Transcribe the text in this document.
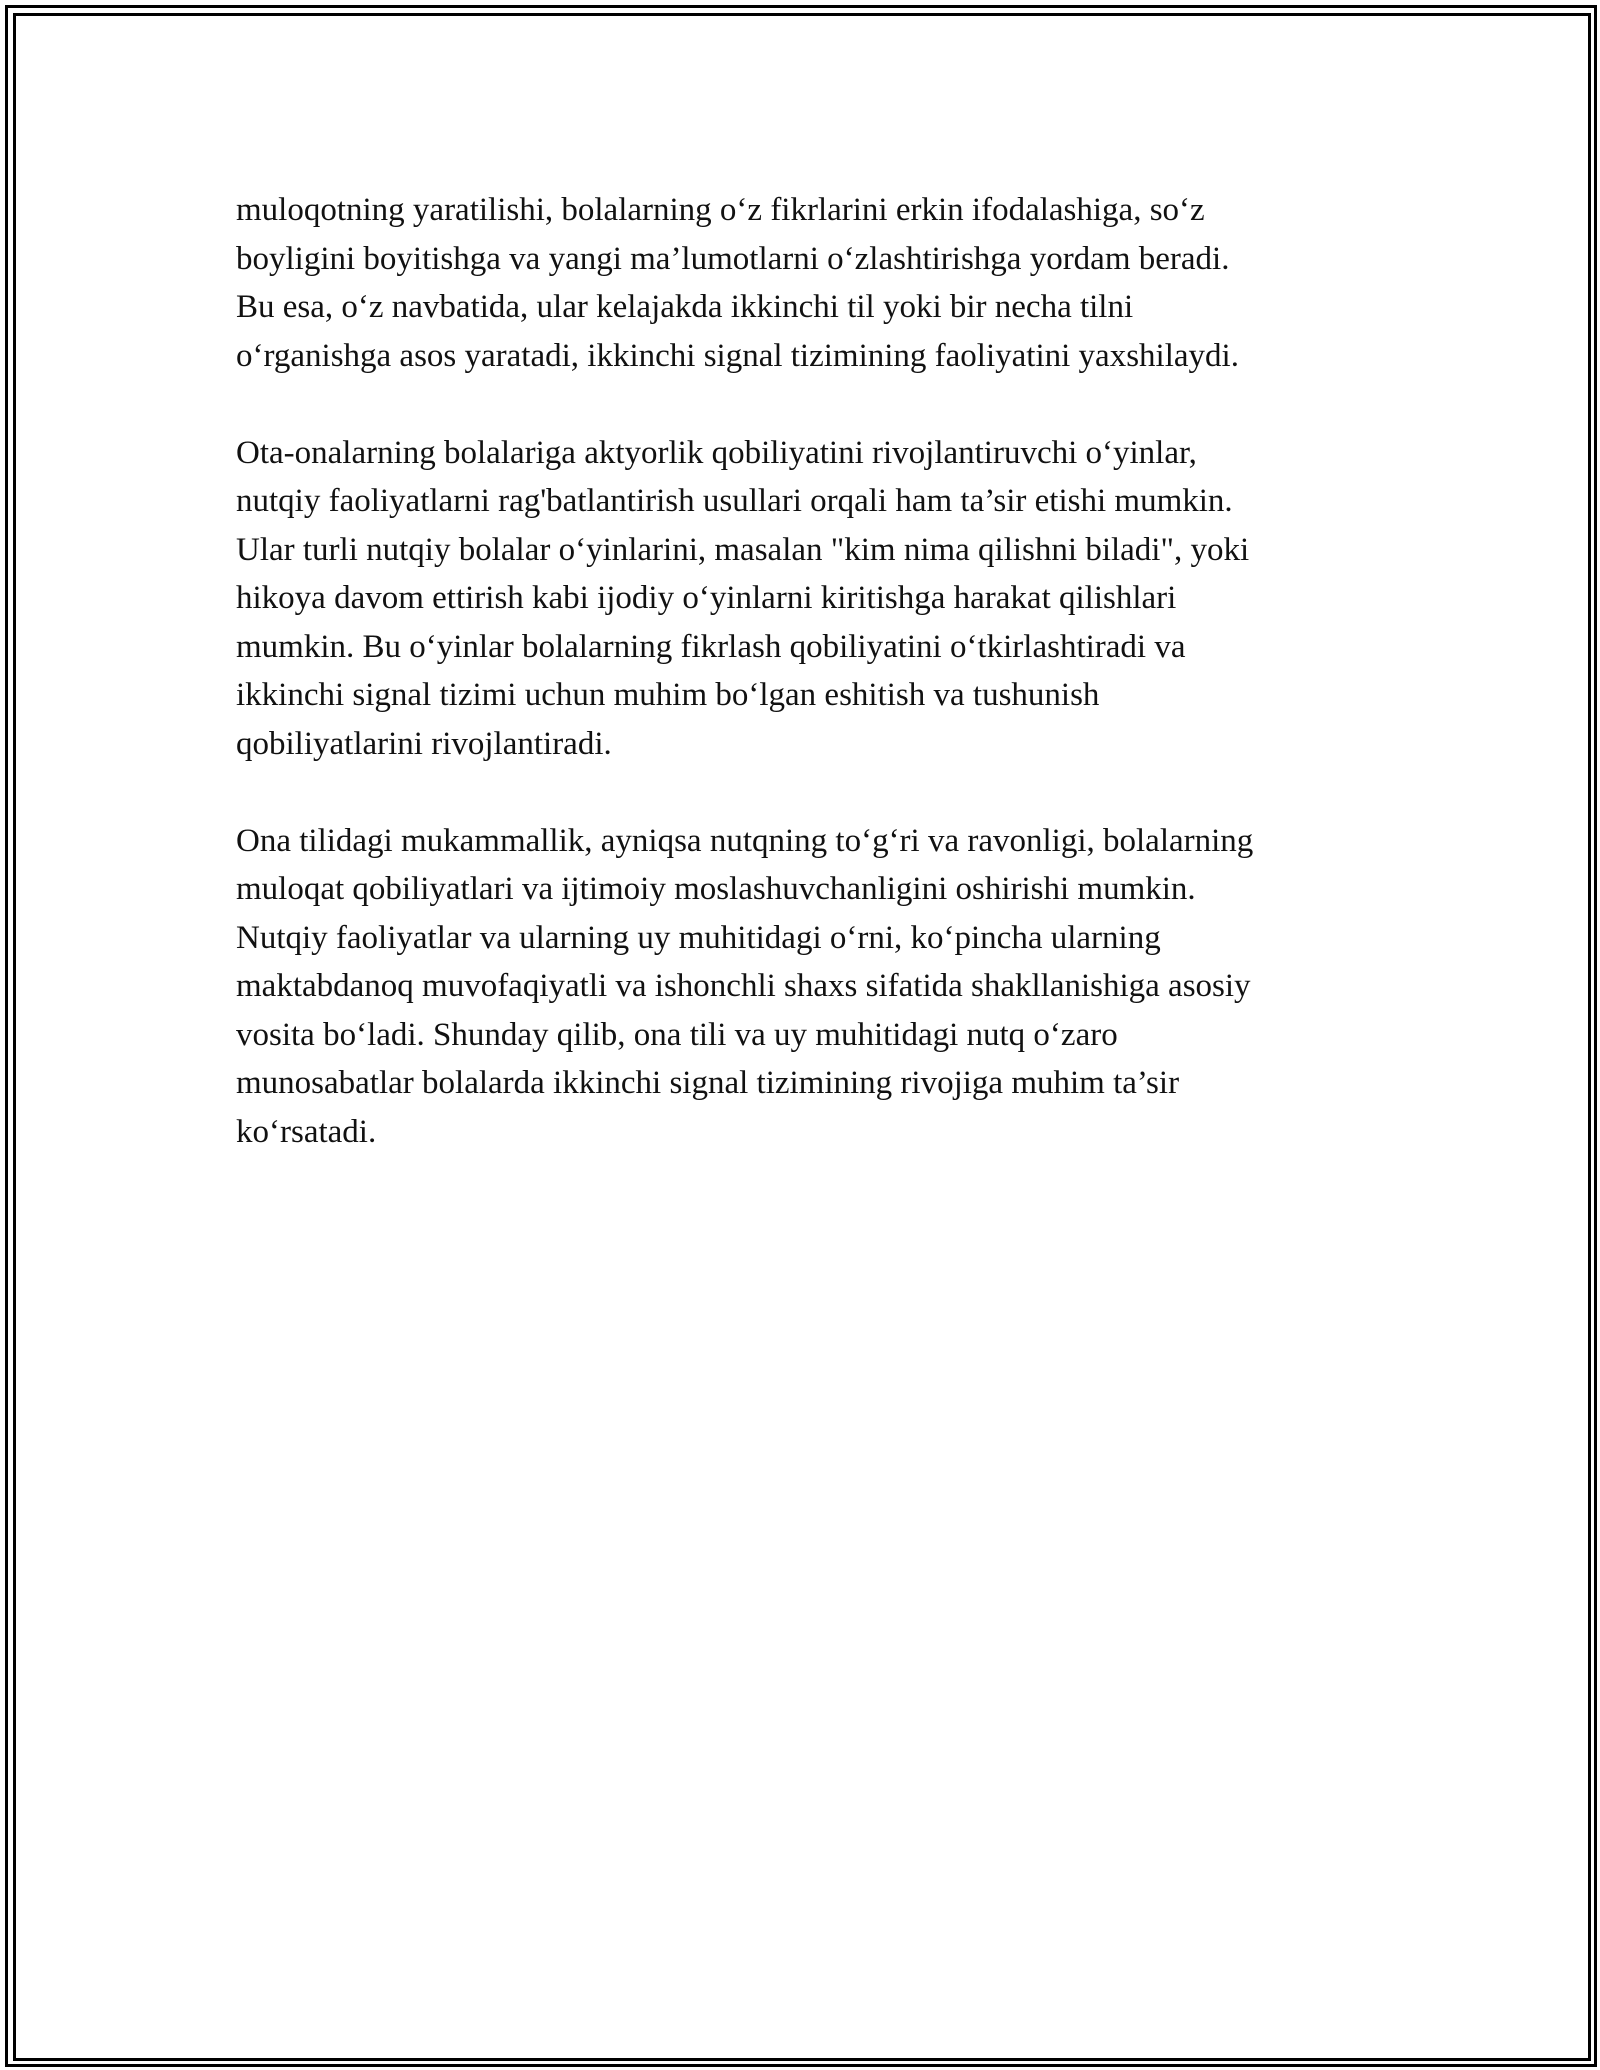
muloqotning yaratilishi, bolalarning o‘z fikrlarini erkin ifodalashiga, so‘z
boyligini boyitishga va yangi ma’lumotlarni o‘zlashtirishga yordam beradi.
Bu esa, o‘z navbatida, ular kelajakda ikkinchi til yoki bir necha tilni
o‘rganishga asos yaratadi, ikkinchi signal tizimining faoliyatini yaxshilaydi.

Ota-onalarning bolalariga aktyorlik qobiliyatini rivojlantiruvchi o‘yinlar,
nutqiy faoliyatlarni rag'batlantirish usullari orqali ham ta’sir etishi mumkin.
Ular turli nutqiy bolalar o‘yinlarini, masalan "kim nima qilishni biladi", yoki
hikoya davom ettirish kabi ijodiy o‘yinlarni kiritishga harakat qilishlari
mumkin. Bu o‘yinlar bolalarning fikrlash qobiliyatini o‘tkirlashtiradi va
ikkinchi signal tizimi uchun muhim bo‘lgan eshitish va tushunish
qobiliyatlarini rivojlantiradi.

Ona tilidagi mukammallik, ayniqsa nutqning to‘g‘ri va ravonligi, bolalarning
muloqat qobiliyatlari va ijtimoiy moslashuvchanligini oshirishi mumkin.
Nutqiy faoliyatlar va ularning uy muhitidagi o‘rni, ko‘pincha ularning
maktabdanoq muvofaqiyatli va ishonchli shaxs sifatida shakllanishiga asosiy
vosita bo‘ladi. Shunday qilib, ona tili va uy muhitidagi nutq o‘zaro
munosabatlar bolalarda ikkinchi signal tizimining rivojiga muhim ta’sir
ko‘rsatadi.
